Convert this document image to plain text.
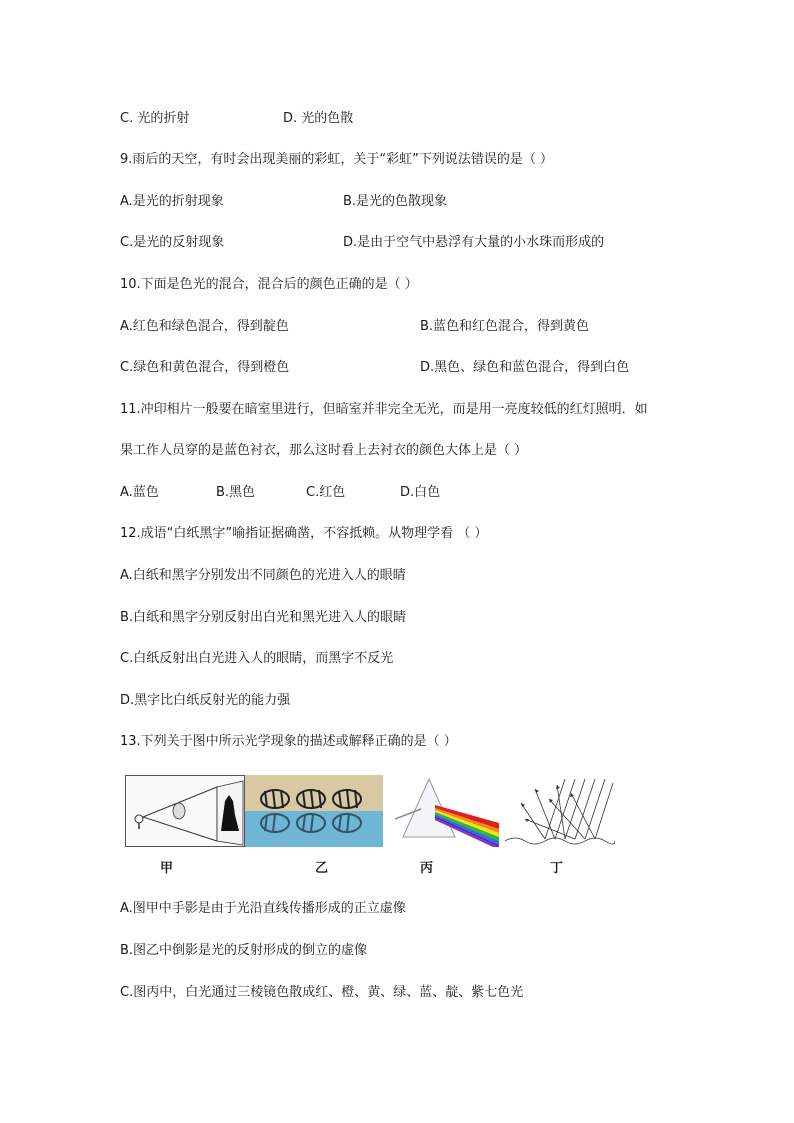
C. 光的折射	D. 光的色散
9.雨后的天空，有时会出现美丽的彩虹，关于“彩虹”下列说法错误的是（ ）
A.是光的折射现象	B.是光的色散现象
C.是光的反射现象	D.是由于空气中悬浮有大量的小水珠而形成的
10.下面是色光的混合，混合后的颜色正确的是（ ）
A.红色和绿色混合，得到靛色	B.蓝色和红色混合，得到黄色
C.绿色和黄色混合，得到橙色	D.黑色、绿色和蓝色混合，得到白色
11.冲印相片一般要在暗室里进行，但暗室并非完全无光，而是用一亮度较低的红灯照明．如
果工作人员穿的是蓝色衬衣，那么这时看上去衬衣的颜色大体上是（ ）
A.蓝色	B.黑色	C.红色	D.白色
12.成语“白纸黑字”喻指证据确凿，不容抵赖。从物理学看 （ ）
A.白纸和黑字分别发出不同颜色的光进入人的眼睛
B.白纸和黑字分别反射出白光和黑光进入人的眼睛
C.白纸反射出白光进入人的眼睛，而黑字不反光
D.黑字比白纸反射光的能力强
13.下列关于图中所示光学现象的描述或解释正确的是（ ）
甲	乙	丙	丁
A.图甲中手影是由于光沿直线传播形成的正立虚像
B.图乙中倒影是光的反射形成的倒立的虚像
C.图丙中，白光通过三棱镜色散成红、橙、黄、绿、蓝、靛、紫七色光
